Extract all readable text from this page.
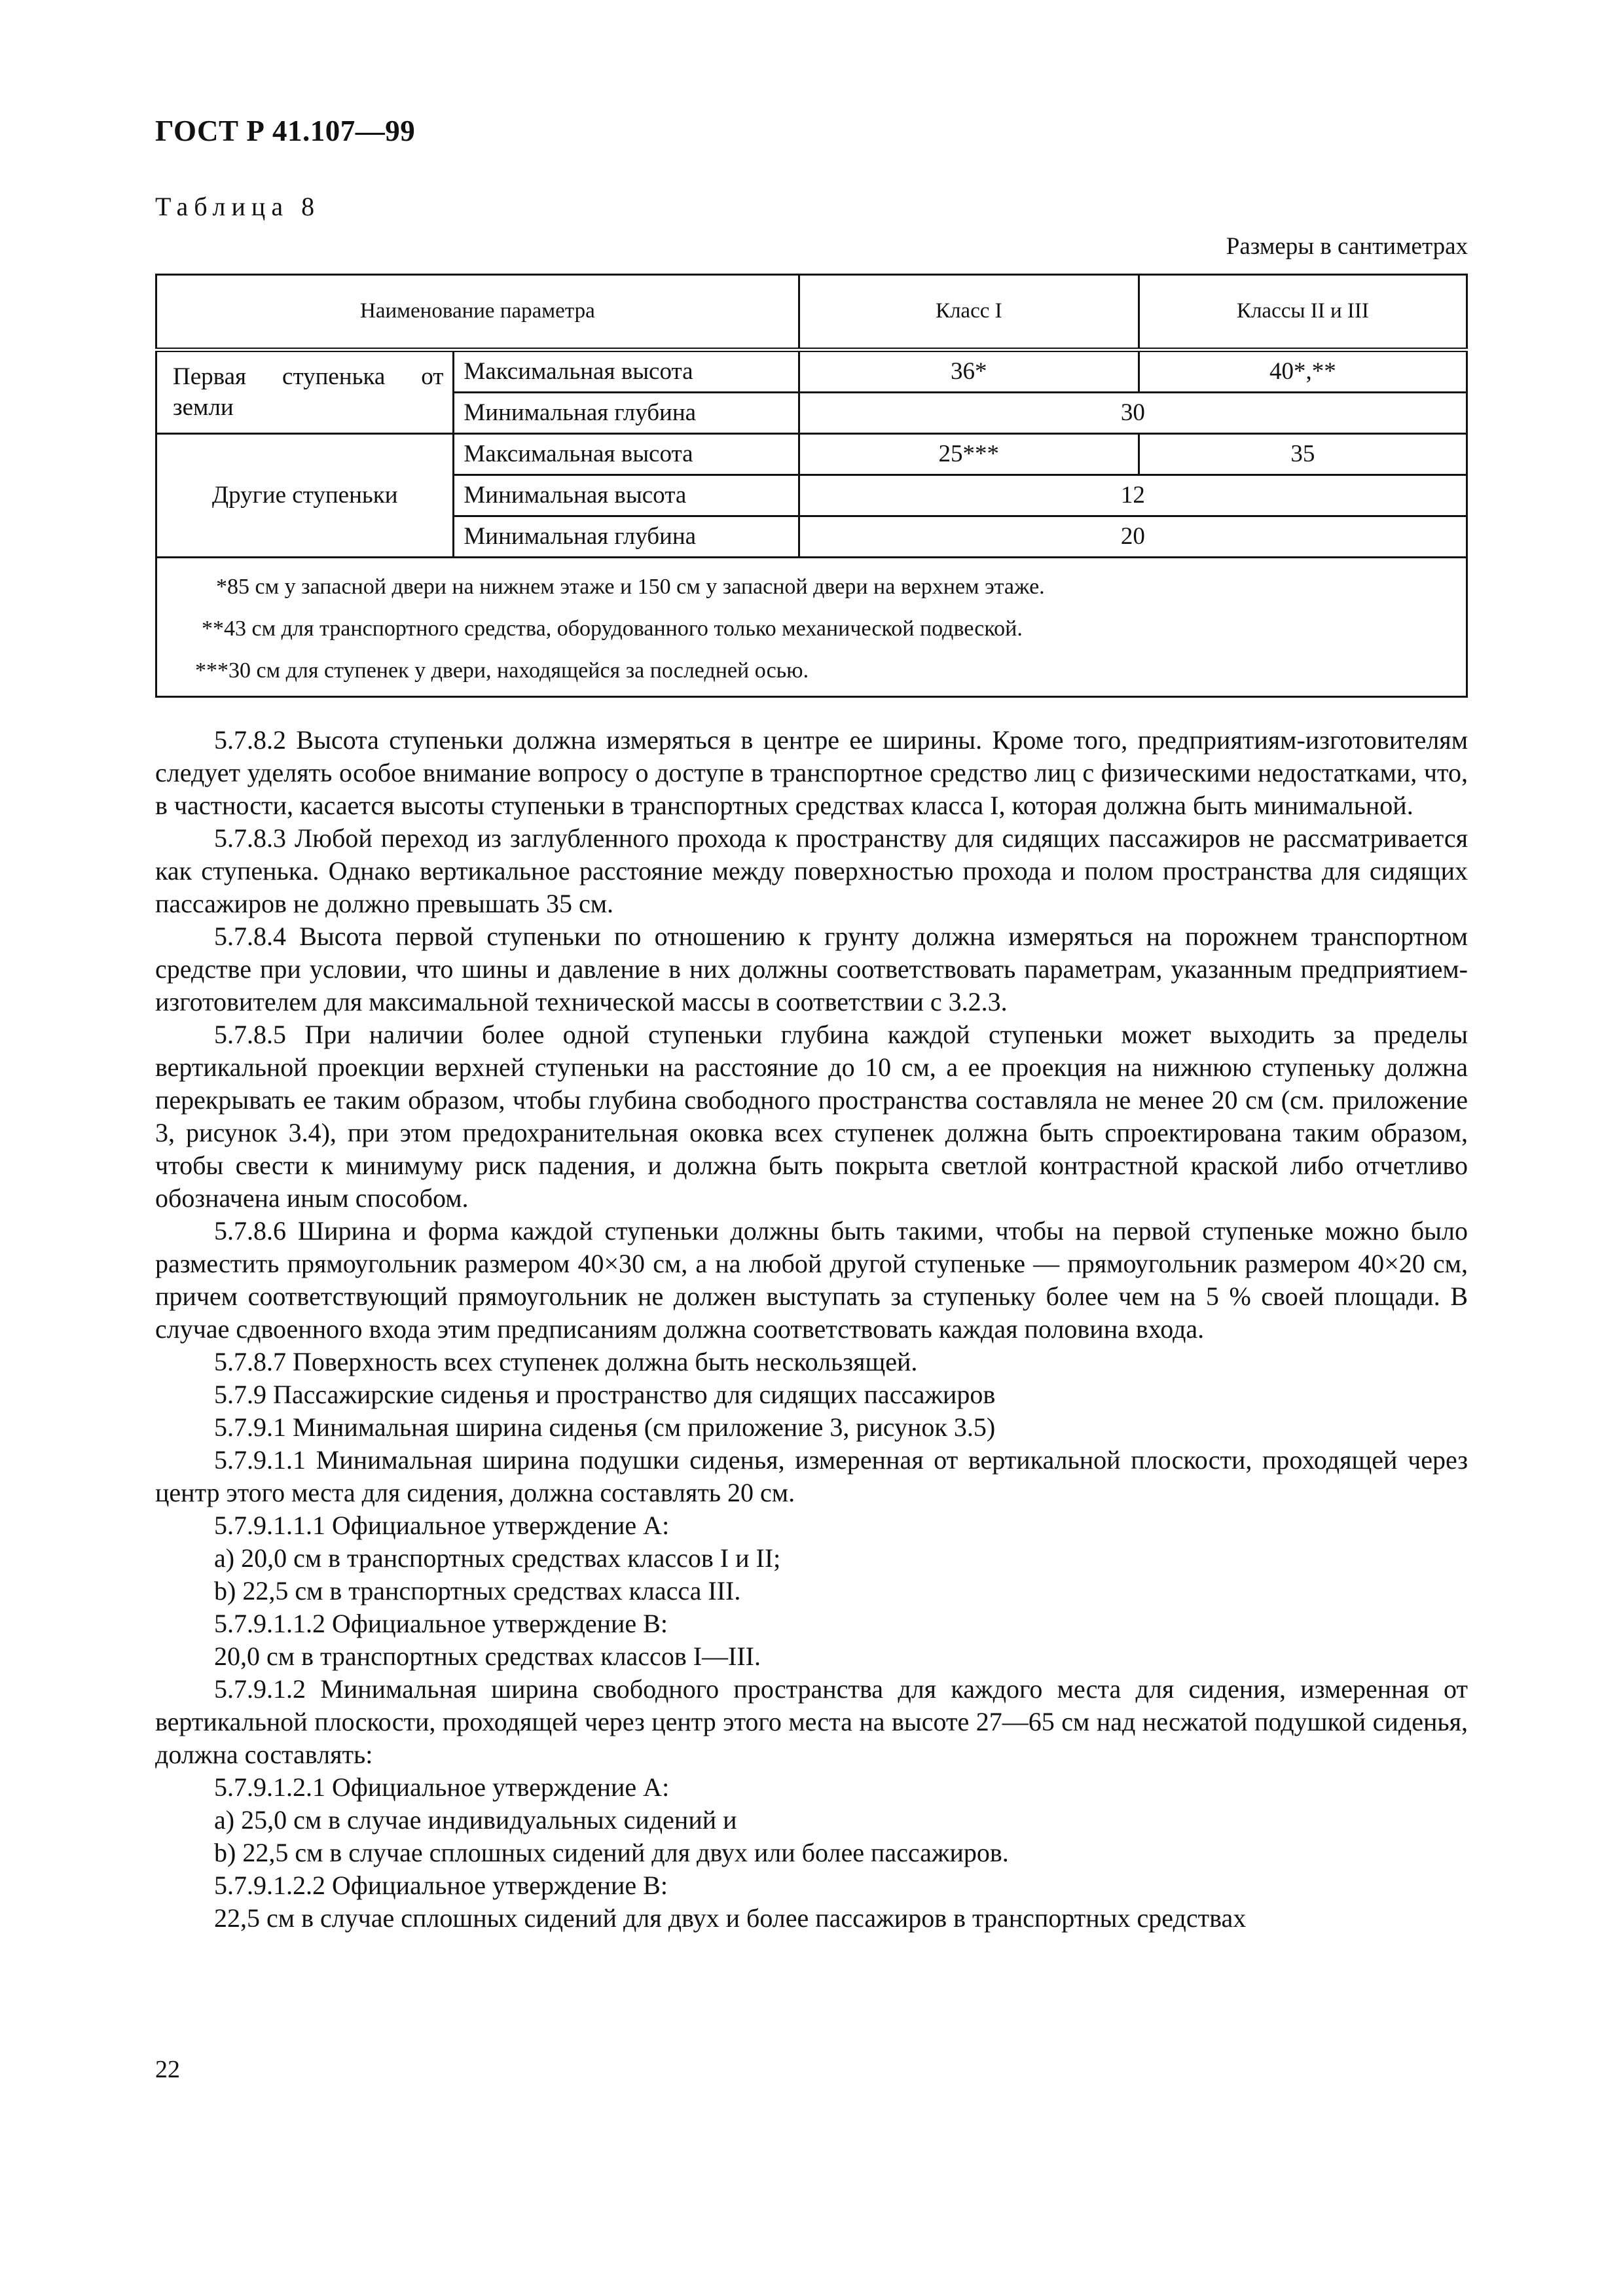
ГОСТ Р 41.107—99
Таблица 8
Размеры в сантиметрах
Наименование параметра		Класс I	Классы II и III
Первая ступенька от земли	Максимальная высота	36*	40*,**
	Минимальная глубина	30	
Другие ступеньки	Максимальная высота	25***	35
	Минимальная высота	12	
	Минимальная глубина	20	

*85 см у запасной двери на нижнем этаже и 150 см у запасной двери на верхнем этаже.
**43 см для транспортного средства, оборудованного только механической подвеской.
***30 см для ступенек у двери, находящейся за последней осью.			

5.7.8.2 Высота ступеньки должна измеряться в центре ее ширины. Кроме того, предприятиям-изготовителям следует уделять особое внимание вопросу о доступе в транспортное средство лиц с физическими недостатками, что, в частности, касается высоты ступеньки в транспортных средствах класса I, которая должна быть минимальной.

5.7.8.3 Любой переход из заглубленного прохода к пространству для сидящих пассажиров не рассматривается как ступенька. Однако вертикальное расстояние между поверхностью прохода и полом пространства для сидящих пассажиров не должно превышать 35 см.

5.7.8.4 Высота первой ступеньки по отношению к грунту должна измеряться на порожнем транспортном средстве при условии, что шины и давление в них должны соответствовать параметрам, указанным предприятием-изготовителем для максимальной технической массы в соответствии с 3.2.3.

5.7.8.5 При наличии более одной ступеньки глубина каждой ступеньки может выходить за пределы вертикальной проекции верхней ступеньки на расстояние до 10 см, а ее проекция на нижнюю ступеньку должна перекрывать ее таким образом, чтобы глубина свободного пространства составляла не менее 20 см (см. приложение 3, рисунок 3.4), при этом предохранительная оковка всех ступенек должна быть спроектирована таким образом, чтобы свести к минимуму риск падения, и должна быть покрыта светлой контрастной краской либо отчетливо обозначена иным способом.

5.7.8.6 Ширина и форма каждой ступеньки должны быть такими, чтобы на первой ступеньке можно было разместить прямоугольник размером 40×30 см, а на любой другой ступеньке — прямоугольник размером 40×20 см, причем соответствующий прямоугольник не должен выступать за ступеньку более чем на 5 % своей площади. В случае сдвоенного входа этим предписаниям должна соответствовать каждая половина входа.

5.7.8.7 Поверхность всех ступенек должна быть нескользящей.

5.7.9 Пассажирские сиденья и пространство для сидящих пассажиров

5.7.9.1 Минимальная ширина сиденья (см приложение 3, рисунок 3.5)

5.7.9.1.1 Минимальная ширина подушки сиденья, измеренная от вертикальной плоскости, проходящей через центр этого места для сидения, должна составлять 20 см.

5.7.9.1.1.1 Официальное утверждение А:

a) 20,0 см в транспортных средствах классов I и II;

b) 22,5 см в транспортных средствах класса III.

5.7.9.1.1.2 Официальное утверждение В:

20,0 см в транспортных средствах классов I—III.

5.7.9.1.2 Минимальная ширина свободного пространства для каждого места для сидения, измеренная от вертикальной плоскости, проходящей через центр этого места на высоте 27—65 см над несжатой подушкой сиденья, должна составлять:

5.7.9.1.2.1 Официальное утверждение А:

a) 25,0 см в случае индивидуальных сидений и

b) 22,5 см в случае сплошных сидений для двух или более пассажиров.

5.7.9.1.2.2 Официальное утверждение В:

22,5 см в случае сплошных сидений для двух и более пассажиров в транспортных средствах

22
